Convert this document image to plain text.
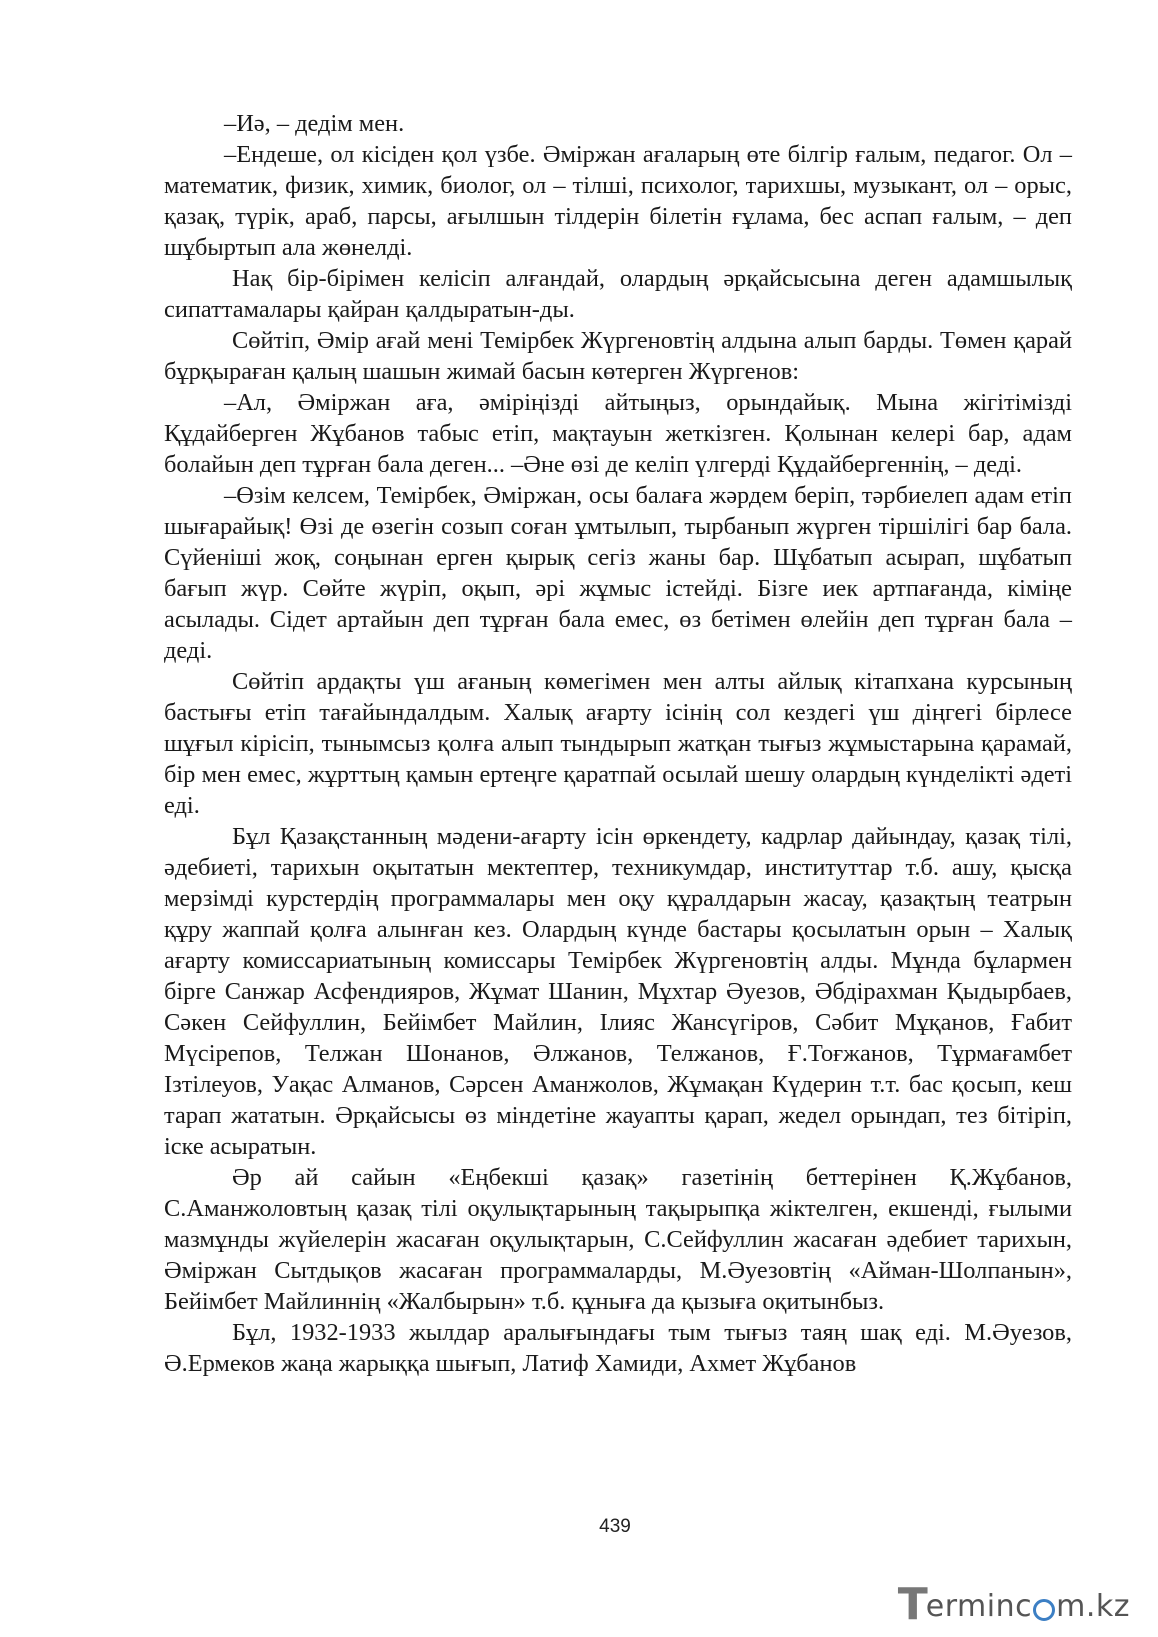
–Иә, – дедім мен.

–Ендеше, ол кісіден қол үзбе. Әміржан ағаларың өте білгір ғалым, педагог. Ол – математик, физик, химик, биолог, ол – тілші, психолог, тарихшы, музыкант, ол – орыс, қазақ, түрік, араб, парсы, ағылшын тілдерін білетін ғұлама, бес аспап ғалым, – деп шұбыртып ала жөнелді.

Нақ бір-бірімен келісіп алғандай, олардың әрқайсысына деген адамшылық сипаттамалары қайран қалдыратын-ды.

Сөйтіп, Әмір ағай мені Темірбек Жүргеновтің алдына алып барды. Төмен қарай бұрқыраған қалың шашын жимай басын көтерген Жүргенов:

–Ал, Әміржан аға, әміріңізді айтыңыз, орындайық. Мына жігітімізді Құдайберген Жұбанов табыс етіп, мақтауын жеткізген. Қолынан келері бар, адам болайын деп тұрған бала деген... –Әне өзі де келіп үлгерді Құдайбергеннің, – деді.

–Өзім келсем, Темірбек, Әміржан, осы балаға жәрдем беріп, тәрбиелеп адам етіп шығарайық! Өзі де өзегін созып соған ұмтылып, тырбанып жүрген тіршілігі бар бала. Сүйеніші жоқ, соңынан ерген қырық сегіз жаны бар. Шұбатып асырап, шұбатып бағып жүр. Сөйте жүріп, оқып, әрі жұмыс істейді. Бізге иек артпағанда, кіміңе асылады. Сідет артайын деп тұрған бала емес, өз бетімен өлейін деп тұрған бала – деді.

Сөйтіп ардақты үш ағаның көмегімен мен алты айлық кітапхана курсының бастығы етіп тағайындалдым. Халық ағарту ісінің сол кездегі үш діңгегі бірлесе шұғыл кірісіп, тынымсыз қолға алып тындырып жатқан тығыз жұмыстарына қарамай, бір мен емес, жұрттың қамын ертеңге қаратпай осылай шешу олардың күнделікті әдеті еді.

Бұл Қазақстанның мәдени-ағарту ісін өркендету, кадрлар дайындау, қазақ тілі, әдебиеті, тарихын оқытатын мектептер, техникумдар, институттар т.б. ашу, қысқа мерзімді курстердің программалары мен оқу құралдарын жасау, қазақтың театрын құру жаппай қолға алынған кез. Олардың күнде бастары қосылатын орын – Халық ағарту комиссариатының комиссары Темірбек Жүргеновтің алды. Мұнда бұлармен бірге Санжар Асфендияров, Жұмат Шанин, Мұхтар Әуезов, Әбдірахман Қыдырбаев, Сәкен Сейфуллин, Бейімбет Майлин, Ілияс Жансүгіров, Сәбит Мұқанов, Ғабит Мүсірепов, Телжан Шонанов, Әлжанов, Телжанов, Ғ.Тоғжанов, Тұрмағамбет Ізтілеуов, Уақас Алманов, Сәрсен Аманжолов, Жұмақан Күдерин т.т. бас қосып, кеш тарап жататын. Әрқайсысы өз міндетіне жауапты қарап, жедел орындап, тез бітіріп, іске асыратын.

Әр ай сайын «Еңбекші қазақ» газетінің беттерінен Қ.Жұбанов, С.Аманжоловтың қазақ тілі оқулықтарының тақырыпқа жіктелген, екшенді, ғылыми мазмұнды жүйелерін жасаған оқулықтарын, С.Сейфуллин жасаған әдебиет тарихын, Әміржан Сытдықов жасаған программаларды, М.Әуезовтің «Айман-Шолпанын», Бейімбет Майлиннің «Жалбырын» т.б. құныға да қызыға оқитынбыз.

Бұл, 1932-1933 жылдар аралығындағы тым тығыз таяң шақ еді. М.Әуезов, Ә.Ермеков жаңа жарыққа шығып, Латиф Хамиди, Ахмет Жұбанов

439
T
erminc m.kz
